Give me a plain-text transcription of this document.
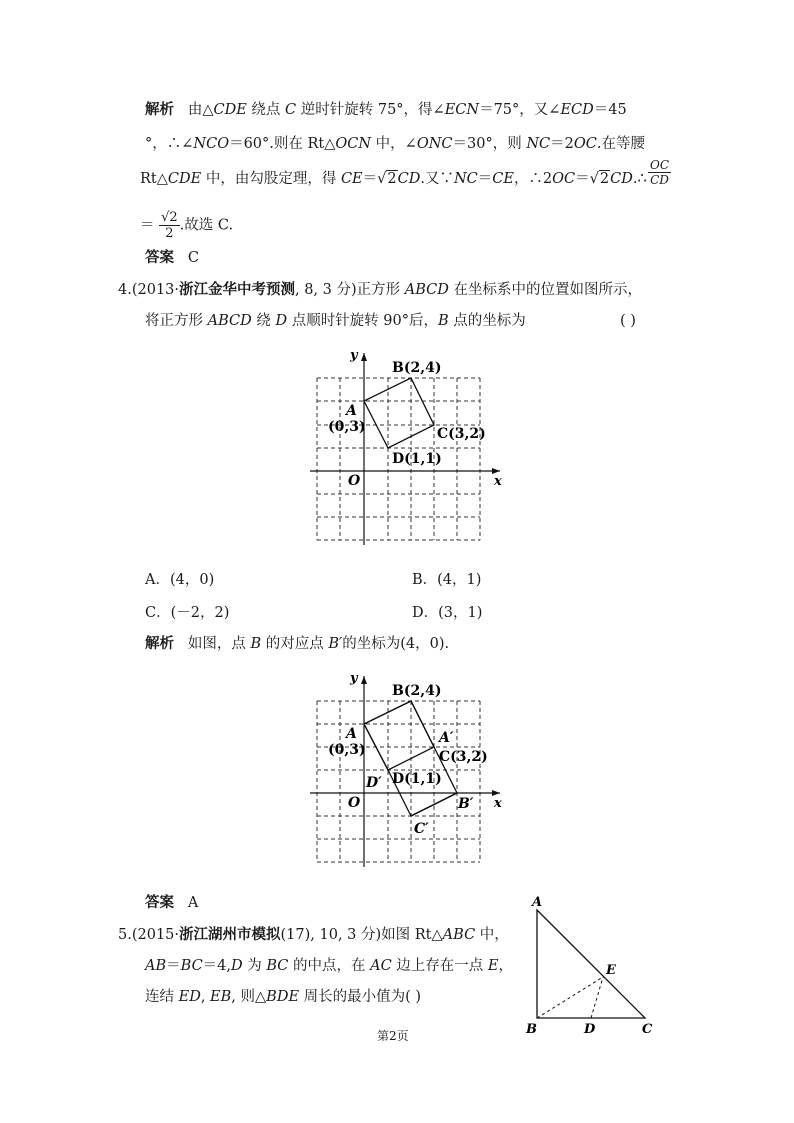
解析 由△CDE 绕点 C 逆时针旋转 75°，得∠ECN＝75°，又∠ECD＝45
°，∴∠NCO＝60°.则在 Rt△OCN 中，∠ONC＝30°，则 NC＝2OC.在等腰
Rt△CDE 中，由勾股定理，得 CE＝√2CD.又∵NC＝CE，∴2OC＝√2CD.∴ $\frac{OC}{CD}$
＝ $\frac{√2}{2}$ .故选 C.
答案 C
4.(2013·浙江金华中考预测, 8, 3 分)正方形 ABCD 在坐标系中的位置如图所示，
将正方形 ABCD 绕 D 点顺时针旋转 90°后，B 点的坐标为	( )
y
x
O
A
(0,3)
B(2,4)
C(3,2)
D(1,1)
A．(4，0)	B．(4，1)
C．(－2，2)	D．(3，1)
解析 如图，点 B 的对应点 B′的坐标为(4，0).
y
x
O
A
(0,3)
B(2,4)
A′
C(3,2)
D(1,1)
D′
B′
C′
答案 A
5.(2015·浙江湖州市模拟(17), 10, 3 分)如图 Rt△ABC 中，
AB＝BC＝4,D 为 BC 的中点，在 AC 边上存在一点 E，
连结 ED, EB, 则△BDE 周长的最小值为( )
A
B	C
D
E
第2页
